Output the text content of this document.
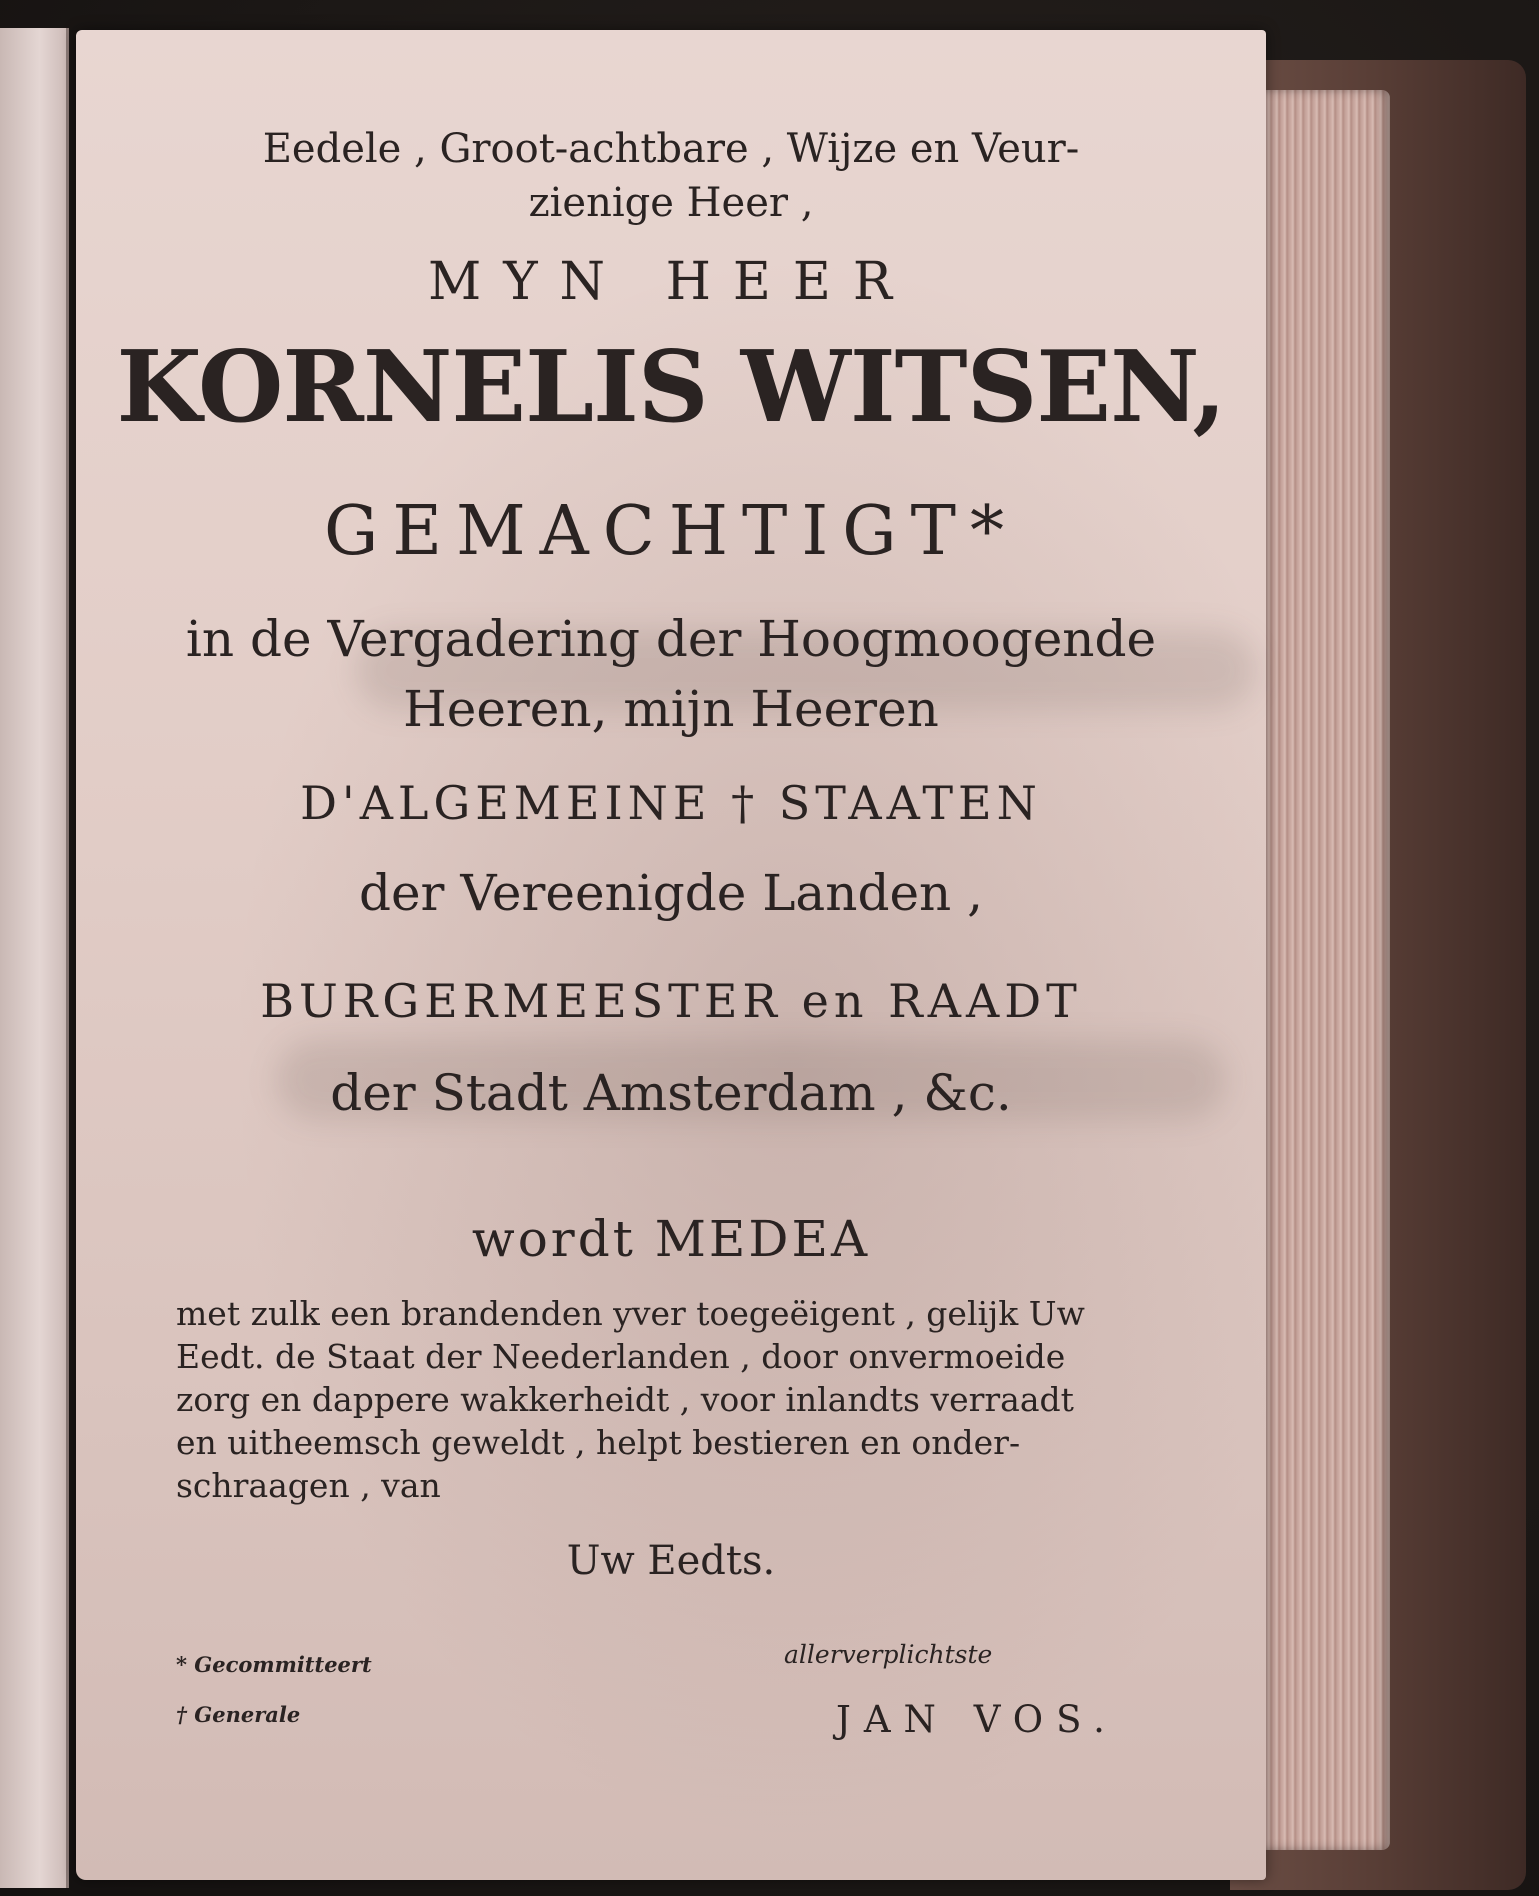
Eedele , Groot-achtbare , Wijze en Veur-
zienige Heer ,
MYN HEER
KORNELIS WITSEN,
GEMACHTIGT*
in de Vergadering der Hoogmoogende
Heeren, mijn Heeren
D'ALGEMEINE † STAATEN
der Vereenigde Landen ,
BURGERMEESTER en RAADT
der Stadt Amsterdam , &c.
wordt MEDEA
met zulk een brandenden yver toegeëigent , gelijk Uw
Eedt. de Staat der Neederlanden , door onvermoeide
zorg en dappere wakkerheidt , voor inlandts verraadt
en uitheemsch geweldt , helpt bestieren en onder-
schraagen , van
Uw Eedts.
* Gecommitteert
† Generale
allerverplichtste
JAN VOS.
